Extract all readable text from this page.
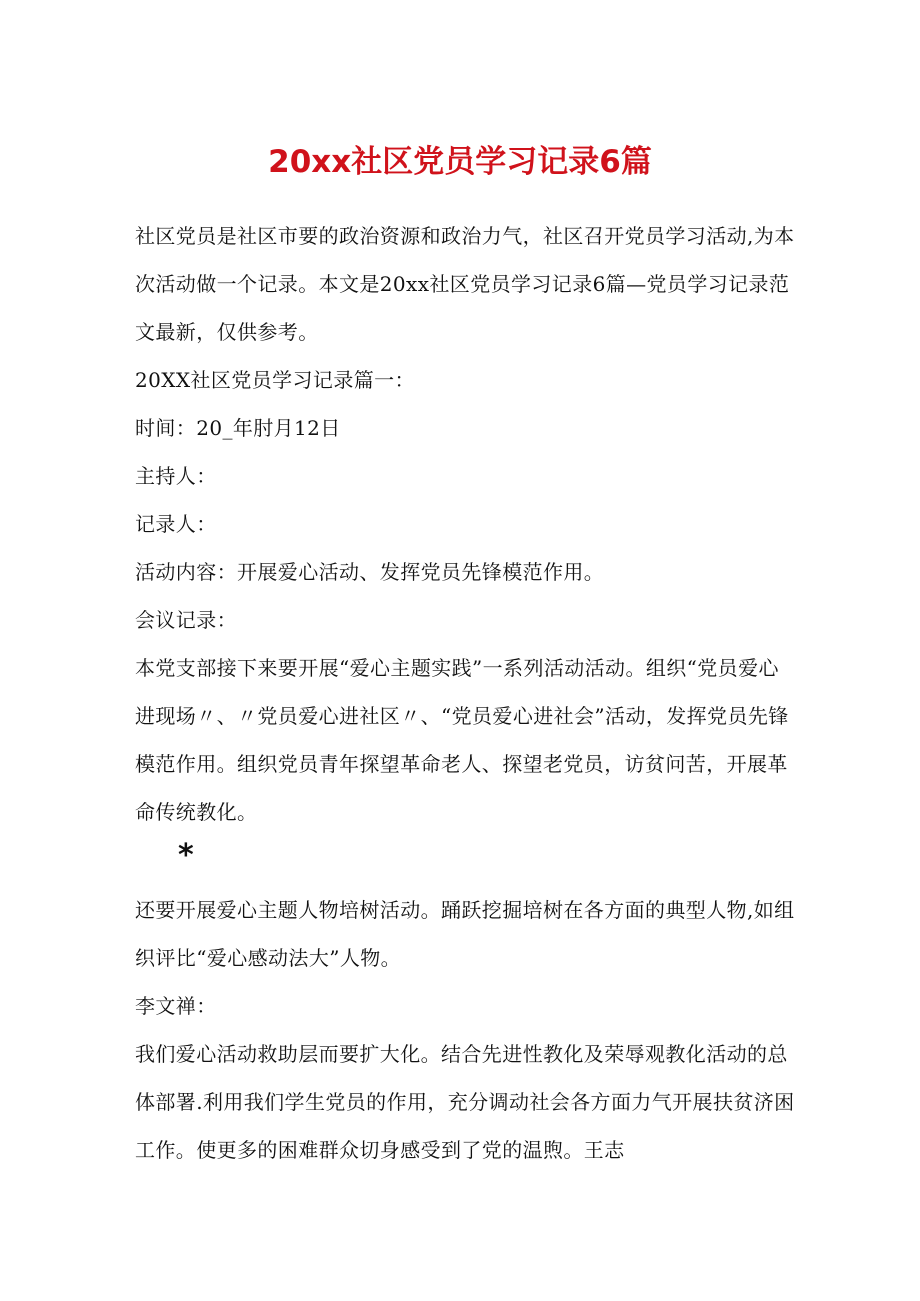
20xx社区党员学习记录6篇

社区党员是社区市要的政治资源和政治力气，社区召开党员学习活动,为本次活动做一个记录。本文是20xx社区党员学习记录6篇—党员学习记录范文最新，仅供参考。

20XX社区党员学习记录篇一：

时间：20_年肘月12日

主持人：

记录人：

活动内容：开展爱心活动、发挥党员先锋模范作用。

会议记录：

本党支部接下来要开展“爱心主题实践”一系列活动活动。组织“党员爱心进现场〃、〃党员爱心进社区〃、“党员爱心进社会”活动，发挥党员先锋模范作用。组织党员青年探望革命老人、探望老党员，访贫问苦，开展革命传统教化。

*

还要开展爱心主题人物培树活动。踊跃挖掘培树在各方面的典型人物,如组织评比“爱心感动法大”人物。

李文禅：

我们爱心活动救助层而要扩大化。结合先进性教化及荣辱观教化活动的总体部署.利用我们学生党员的作用，充分调动社会各方面力气开展扶贫济困工作。使更多的困难群众切身感受到了党的温煦。王志
